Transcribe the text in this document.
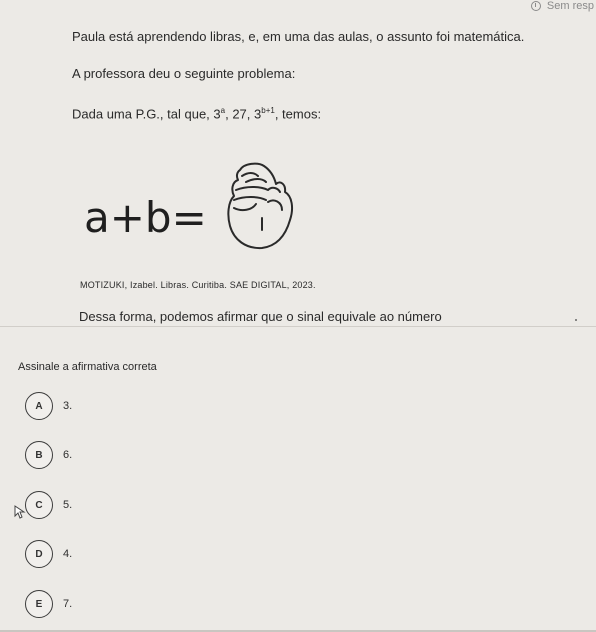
Sem resp
Paula está aprendendo libras, e, em uma das aulas, o assunto foi matemática.
A professora deu o seguinte problema:
Dada uma P.G., tal que, 3$^a$, 27, $3^{b+1}$, temos:
a+b=
MOTIZUKI, Izabel. Libras. Curitiba. SAE DIGITAL, 2023.
Dessa forma, podemos afirmar que o sinal equivale ao número
Assinale a afirmativa correta
A	3.
B	6.
C	5.
D	4.
E	7.
